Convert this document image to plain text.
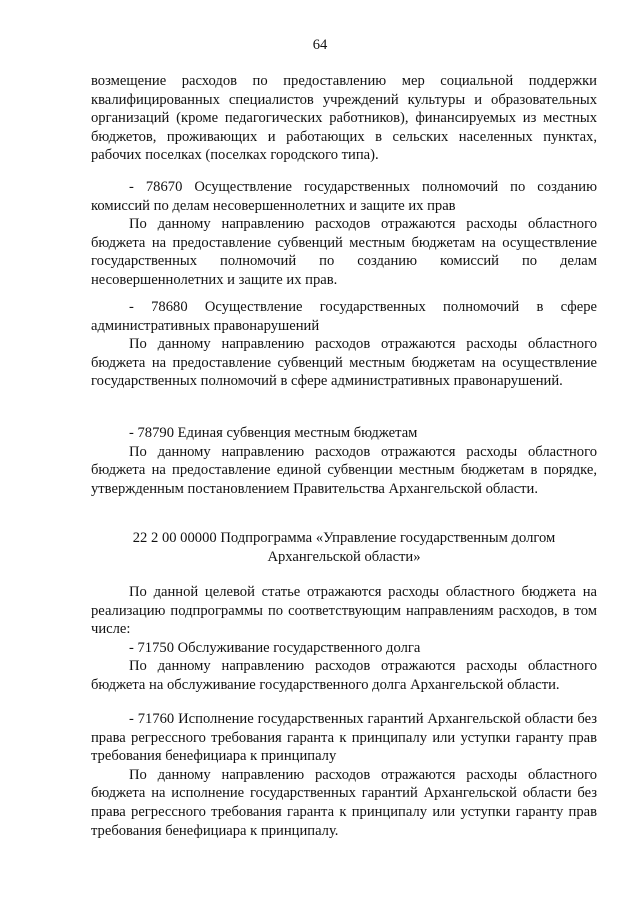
64

возмещение расходов по предоставлению мер социальной поддержки квалифицированных специалистов учреждений культуры и образовательных организаций (кроме педагогических работников), финансируемых из местных бюджетов, проживающих и работающих в сельских населенных пунктах, рабочих поселках (поселках городского типа).

- 78670 Осуществление государственных полномочий по созданию комиссий по делам несовершеннолетних и защите их прав

По данному направлению расходов отражаются расходы областного бюджета на предоставление субвенций местным бюджетам на осуществление государственных полномочий по созданию комиссий по делам несовершеннолетних и защите их прав.

- 78680 Осуществление государственных полномочий в сфере административных правонарушений

По данному направлению расходов отражаются расходы областного бюджета на предоставление субвенций местным бюджетам на осуществление государственных полномочий в сфере административных правонарушений.

- 78790 Единая субвенция местным бюджетам

По данному направлению расходов отражаются расходы областного бюджета на предоставление единой субвенции местным бюджетам в порядке, утвержденным постановлением Правительства Архангельской области.

22 2 00 00000 Подпрограмма «Управление государственным долгом

Архангельской области»

По данной целевой статье отражаются расходы областного бюджета на реализацию подпрограммы по соответствующим направлениям расходов, в том числе:

- 71750 Обслуживание государственного долга

По данному направлению расходов отражаются расходы областного бюджета на обслуживание государственного долга Архангельской области.

- 71760 Исполнение государственных гарантий Архангельской области без права регрессного требования гаранта к принципалу или уступки гаранту прав требования бенефициара к принципалу

По данному направлению расходов отражаются расходы областного бюджета на исполнение государственных гарантий Архангельской области без права регрессного требования гаранта к принципалу или уступки гаранту прав требования бенефициара к принципалу.
